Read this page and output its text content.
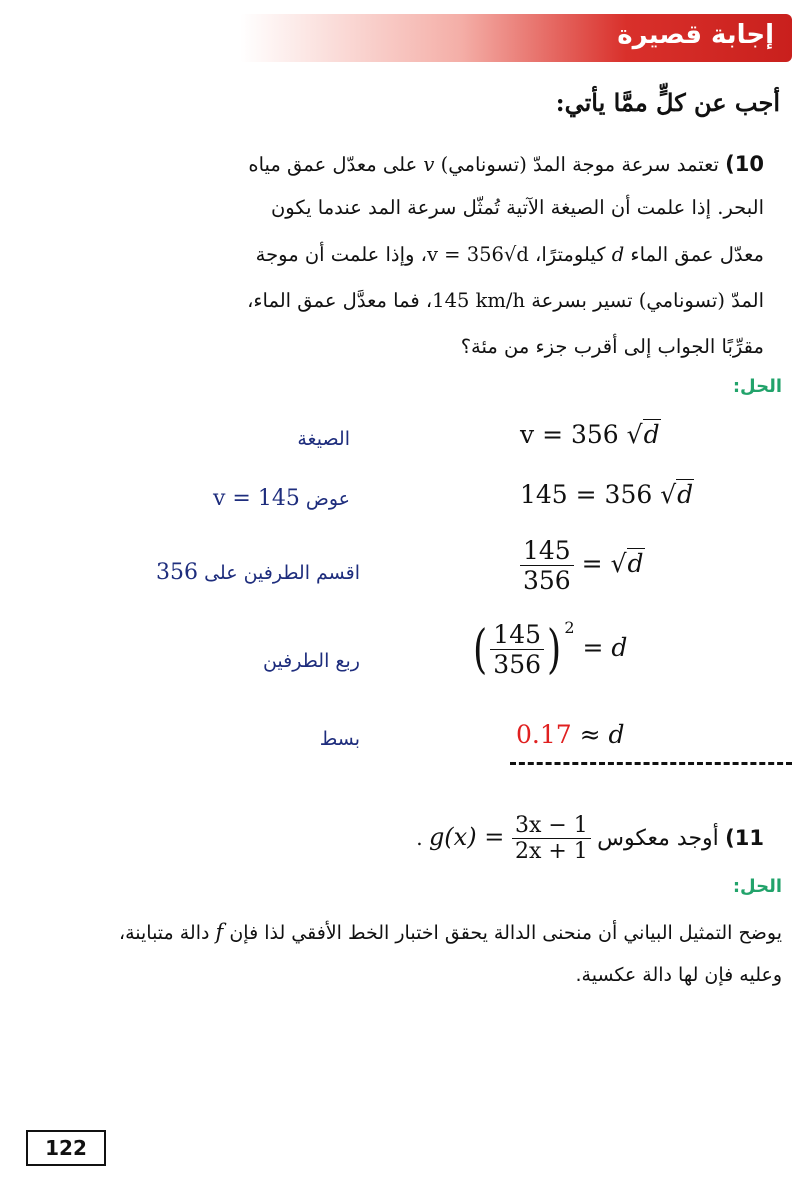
إجابة قصيرة
أجب عن كلٍّ ممَّا يأتي:
10) تعتمد سرعة موجة المدّ (تسونامي) v على معدّل عمق مياه
البحر. إذا علمت أن الصيغة الآتية تُمثّل سرعة المد عندما يكون
معدّل عمق الماء d كيلومترًا، v = 356√d، وإذا علمت أن موجة
المدّ (تسونامي) تسير بسرعة 145 km/h، فما معدَّل عمق الماء،
مقرِّبًا الجواب إلى أقرب جزء من مئة؟
الحل:
الصيغة	v = 356 √d
عوض v = 145	145 = 356 √d
اقسم الطرفين على 356	$\frac{145}{356} = √d$
ربع الطرفين ( $\frac{145}{356}$ ) $^2$ = d
بسط	0.17 ≈ d
11) أوجد معكوس $g(x) = \frac{3x - 1}{2x + 1}$
.
الحل:
يوضح التمثيل البياني أن منحنى الدالة يحقق اختبار الخط الأفقي لذا فإن f دالة متباينة،
وعليه فإن لها دالة عكسية.
122
